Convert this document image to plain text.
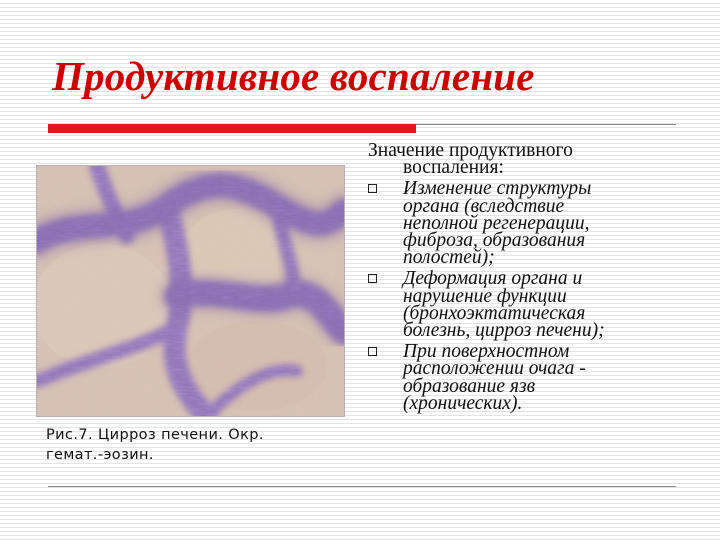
Продуктивное воспаление
Рис.7. Цирроз печени. Окр.
гемат.-эозин.
Значение продуктивного
воспаления:
Изменение структуры
органа (вследствие
неполной регенерации,
фиброза, образования
полостей);
Деформация органа и
нарушение функции
(бронхоэктатическая
болезнь, цирроз печени);
При поверхностном
расположении очага -
образование язв
(хронических).
